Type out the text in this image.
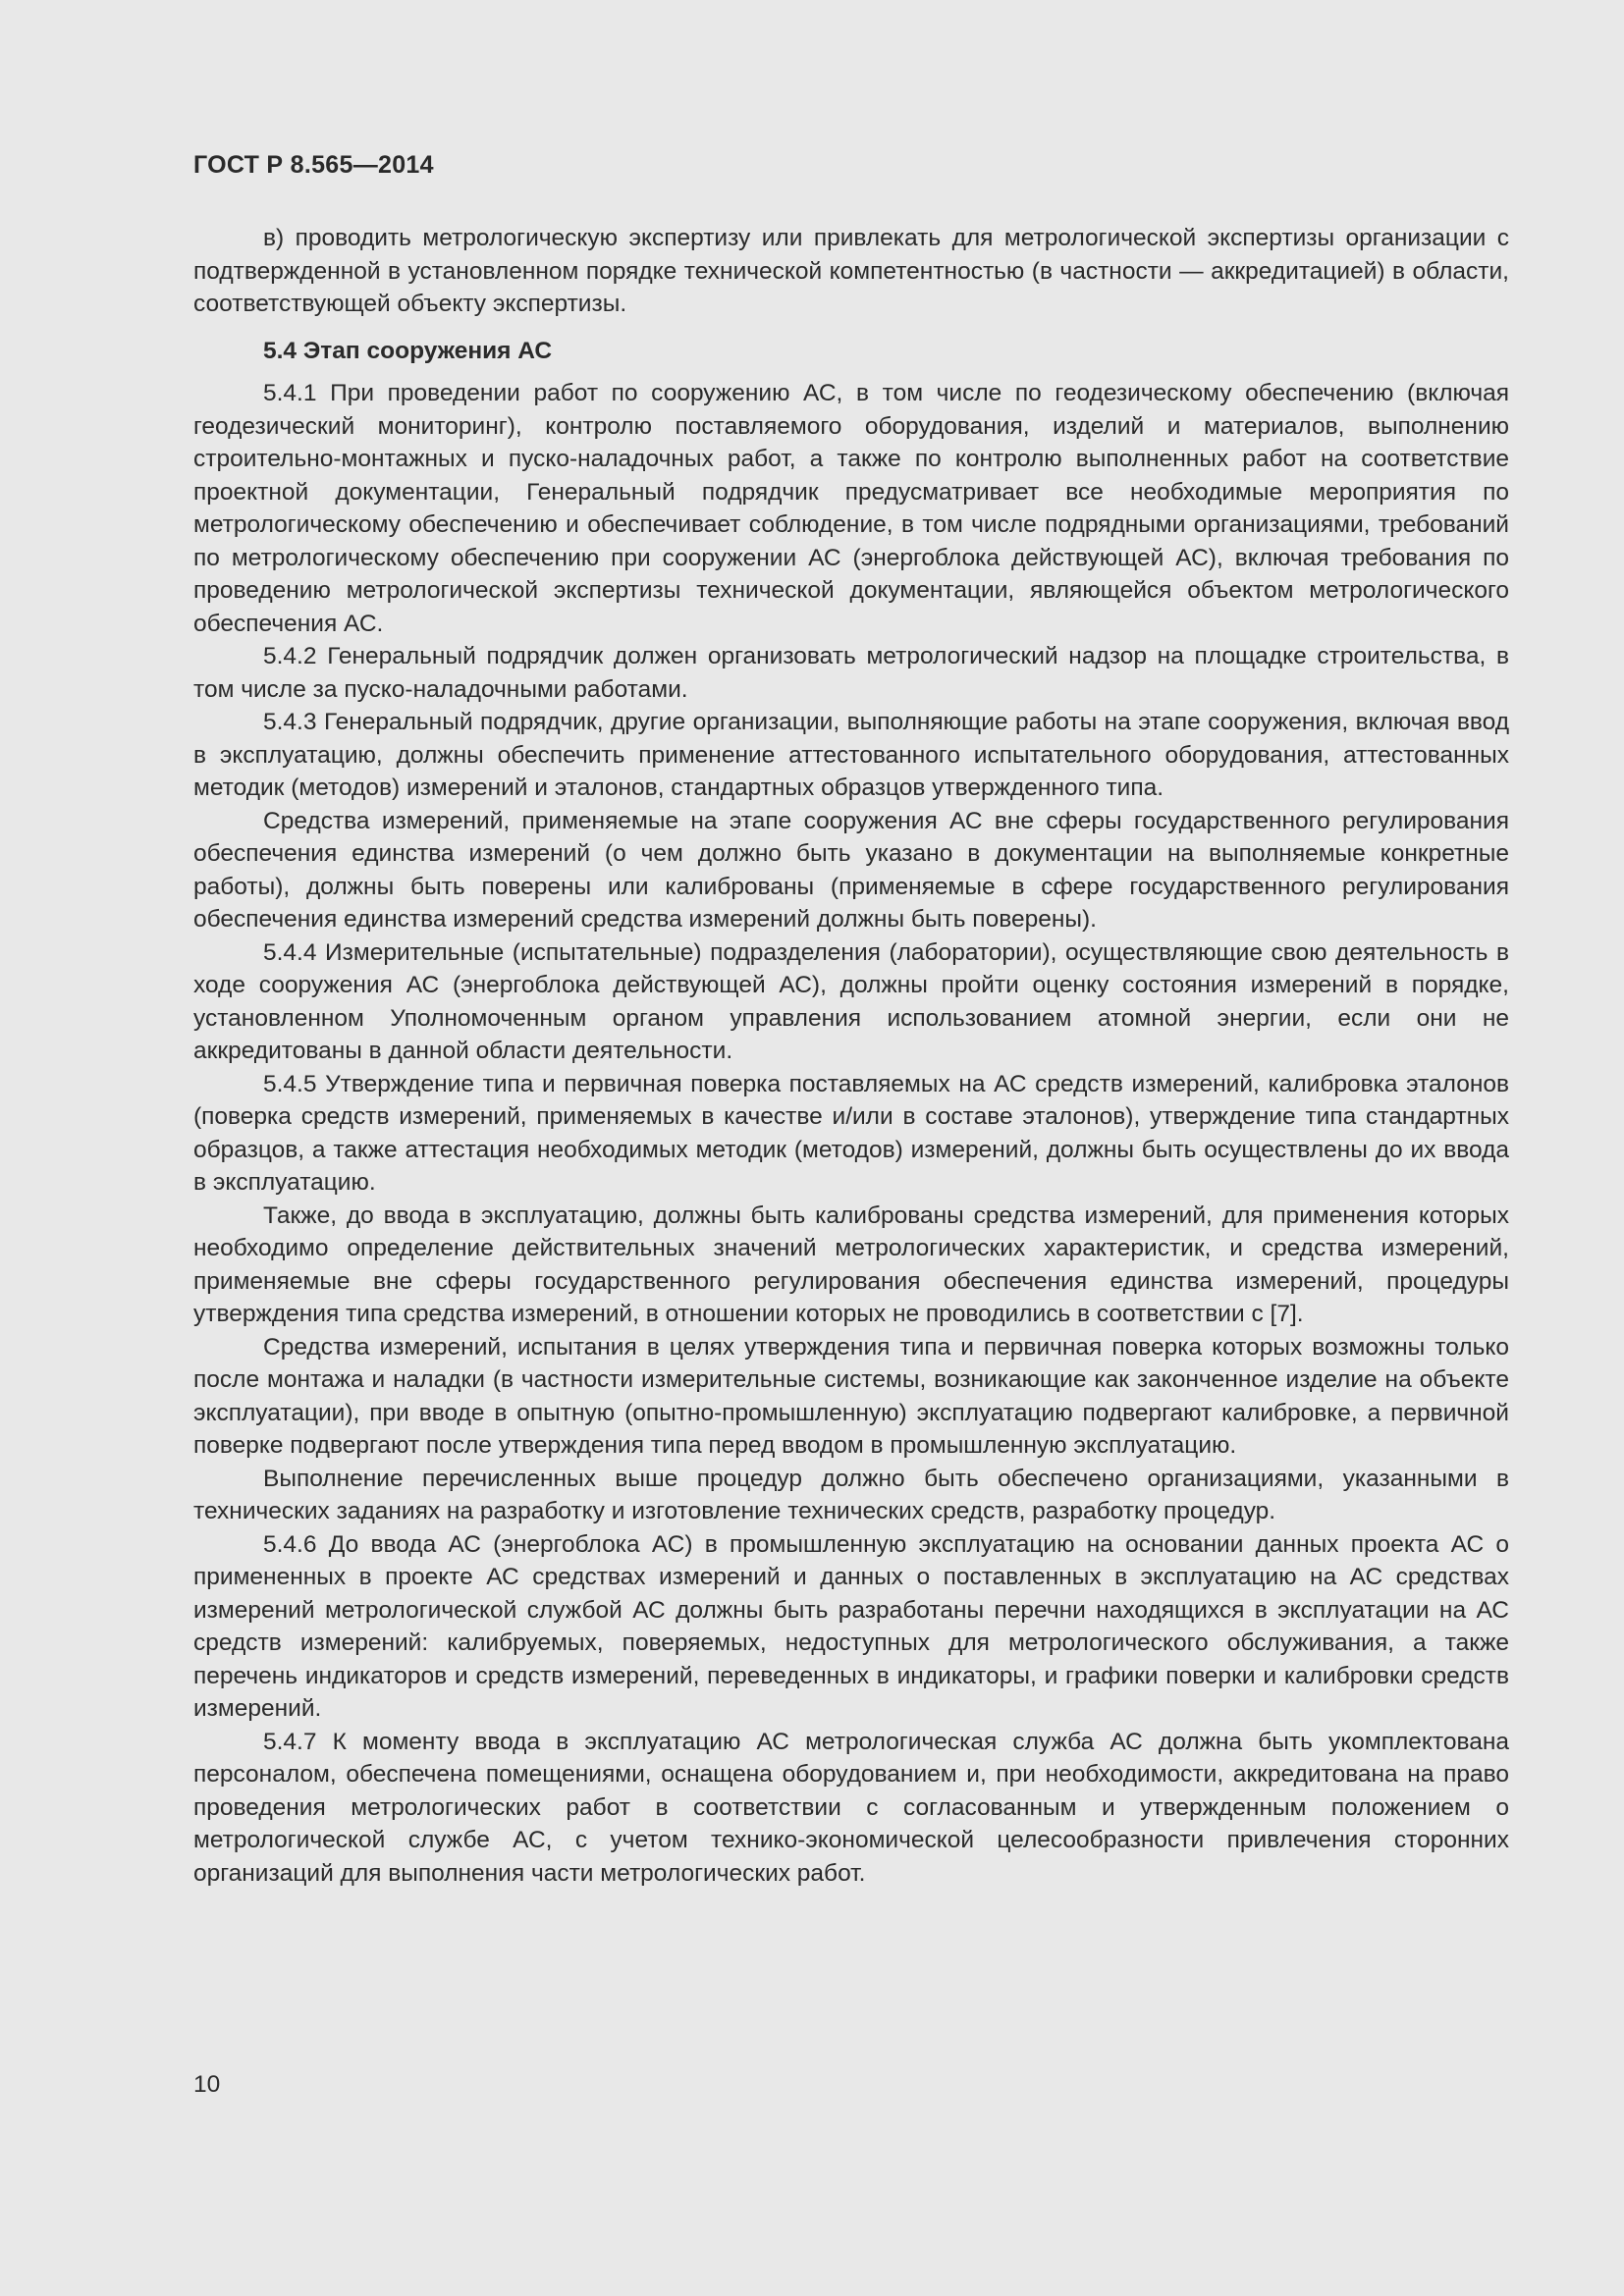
ГОСТ Р 8.565—2014

в) проводить метрологическую экспертизу или привлекать для метрологической экспертизы организации с подтвержденной в установленном порядке технической компетентностью (в частности — аккредитацией) в области, соответствующей объекту экспертизы.

5.4 Этап сооружения АС

5.4.1 При проведении работ по сооружению АС, в том числе по геодезическому обеспечению (включая геодезический мониторинг), контролю поставляемого оборудования, изделий и материалов, выполнению строительно-монтажных и пуско-наладочных работ, а также по контролю выполненных работ на соответствие проектной документации, Генеральный подрядчик предусматривает все необходимые мероприятия по метрологическому обеспечению и обеспечивает соблюдение, в том числе подрядными организациями, требований по метрологическому обеспечению при сооружении АС (энергоблока действующей АС), включая требования по проведению метрологической экспертизы технической документации, являющейся объектом метрологического обеспечения АС.

5.4.2 Генеральный подрядчик должен организовать метрологический надзор на площадке строительства, в том числе за пуско-наладочными работами.

5.4.3 Генеральный подрядчик, другие организации, выполняющие работы на этапе сооружения, включая ввод в эксплуатацию, должны обеспечить применение аттестованного испытательного оборудования, аттестованных методик (методов) измерений и эталонов, стандартных образцов утвержденного типа.

Средства измерений, применяемые на этапе сооружения АС вне сферы государственного регулирования обеспечения единства измерений (о чем должно быть указано в документации на выполняемые конкретные работы), должны быть поверены или калиброваны (применяемые в сфере государственного регулирования обеспечения единства измерений средства измерений должны быть поверены).

5.4.4 Измерительные (испытательные) подразделения (лаборатории), осуществляющие свою деятельность в ходе сооружения АС (энергоблока действующей АС), должны пройти оценку состояния измерений в порядке, установленном Уполномоченным органом управления использованием атомной энергии, если они не аккредитованы в данной области деятельности.

5.4.5 Утверждение типа и первичная поверка поставляемых на АС средств измерений, калибровка эталонов (поверка средств измерений, применяемых в качестве и/или в составе эталонов), утверждение типа стандартных образцов, а также аттестация необходимых методик (методов) измерений, должны быть осуществлены до их ввода в эксплуатацию.

Также, до ввода в эксплуатацию, должны быть калиброваны средства измерений, для применения которых необходимо определение действительных значений метрологических характеристик, и средства измерений, применяемые вне сферы государственного регулирования обеспечения единства измерений, процедуры утверждения типа средства измерений, в отношении которых не проводились в соответствии с [7].

Средства измерений, испытания в целях утверждения типа и первичная поверка которых возможны только после монтажа и наладки (в частности измерительные системы, возникающие как законченное изделие на объекте эксплуатации), при вводе в опытную (опытно-промышленную) эксплуатацию подвергают калибровке, а первичной поверке подвергают после утверждения типа перед вводом в промышленную эксплуатацию.

Выполнение перечисленных выше процедур должно быть обеспечено организациями, указанными в технических заданиях на разработку и изготовление технических средств, разработку процедур.

5.4.6 До ввода АС (энергоблока АС) в промышленную эксплуатацию на основании данных проекта АС о примененных в проекте АС средствах измерений и данных о поставленных в эксплуатацию на АС средствах измерений метрологической службой АС должны быть разработаны перечни находящихся в эксплуатации на АС средств измерений: калибруемых, поверяемых, недоступных для метрологического обслуживания, а также перечень индикаторов и средств измерений, переведенных в индикаторы, и графики поверки и калибровки средств измерений.

5.4.7 К моменту ввода в эксплуатацию АС метрологическая служба АС должна быть укомплектована персоналом, обеспечена помещениями, оснащена оборудованием и, при необходимости, аккредитована на право проведения метрологических работ в соответствии с согласованным и утвержденным положением о метрологической службе АС, с учетом технико-экономической целесообразности привлечения сторонних организаций для выполнения части метрологических работ.

10
